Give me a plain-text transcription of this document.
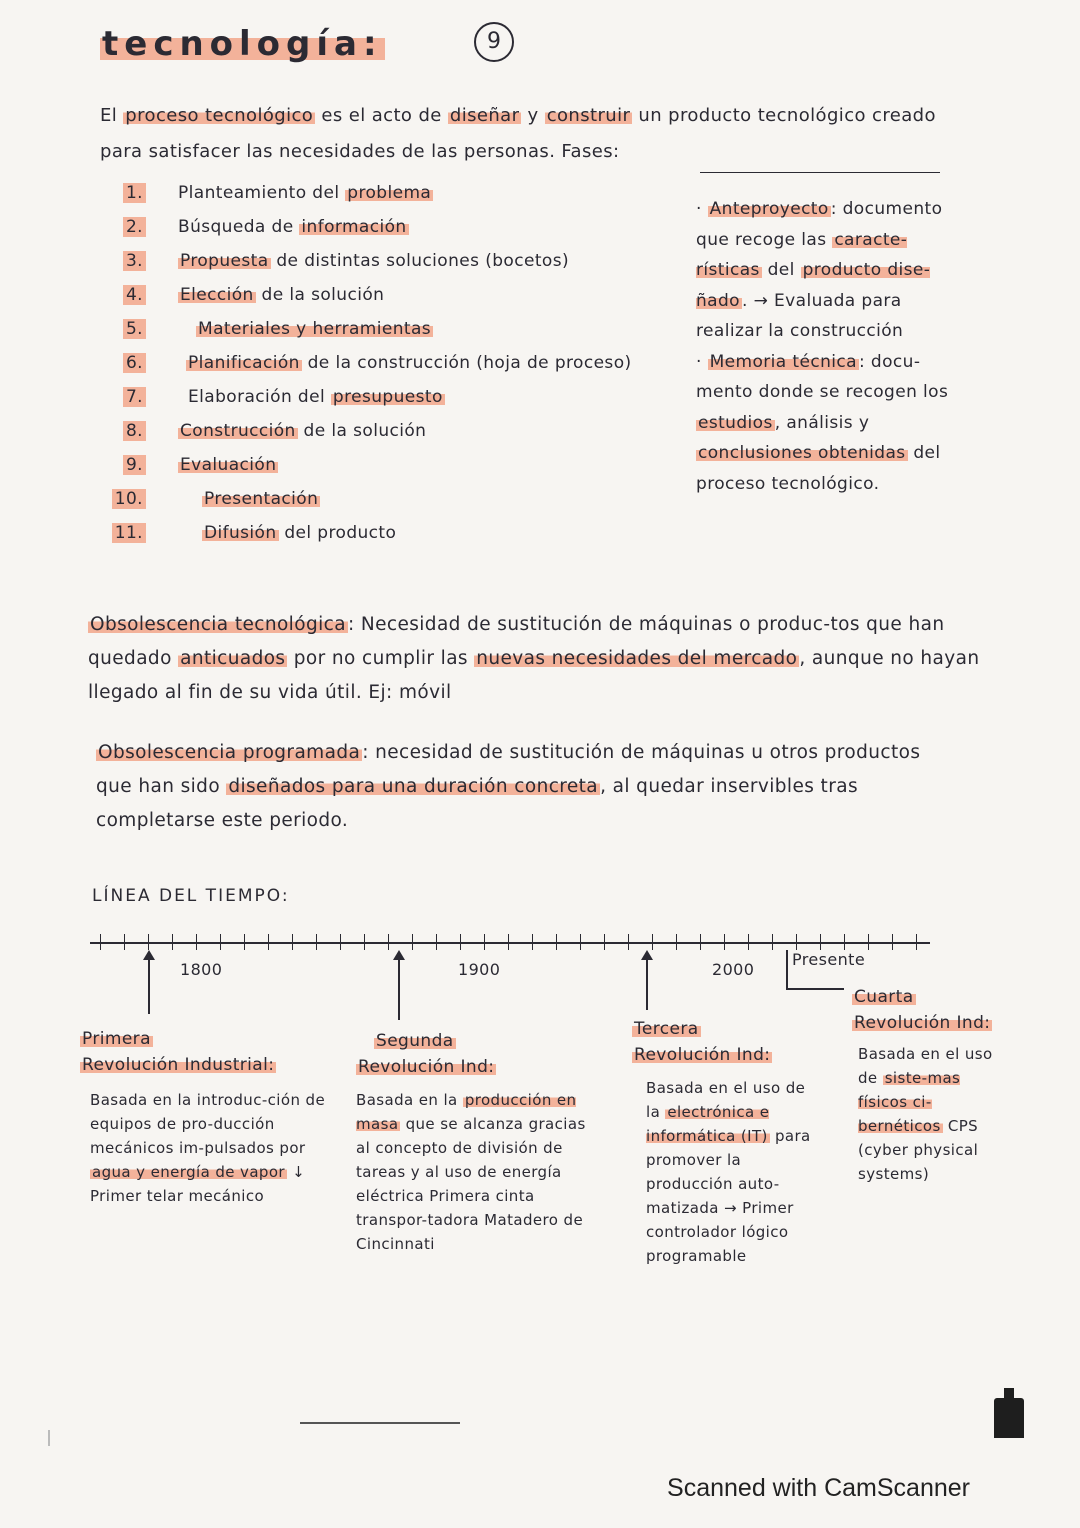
tecnología:	9
El proceso tecnológico es el acto de diseñar y construir un producto tecnológico creado para satisfacer las necesidades de las personas. Fases:
1. Planteamiento del problema
2. Búsqueda de información
3. Propuesta de distintas soluciones (bocetos)
4. Elección de la solución
5.	Materiales y herramientas
6.	Planificación de la construcción (hoja de proceso)
7.	Elaboración del presupuesto
8. Construcción de la solución
9. Evaluación
10.	Presentación
11.	Difusión del producto
· Anteproyecto : documento que recoge las caracte-rísticas del producto dise-ñado . → Evaluada para realizar la construcción
· Memoria técnica : docu-mento donde se recogen los estudios , análisis y conclusiones obtenidas del proceso tecnológico.
Obsolescencia tecnológica : Necesidad de sustitución de máquinas o produc-tos que han quedado anticuados por no cumplir las nuevas necesidades del mercado , aunque no hayan llegado al fin de su vida útil. Ej: móvil
Obsolescencia programada : necesidad de sustitución de máquinas u otros productos que han sido diseñados para una duración concreta , al quedar inservibles tras completarse este periodo.
LÍNEA DEL TIEMPO:
1800	1900	2000
Presente
Primera
Revolución Industrial:
Basada en la introduc-ción de equipos de pro-ducción mecánicos im-pulsados por agua y energía de vapor ↓ Primer telar mecánico
Segunda
Revolución Ind:
Basada en la producción en masa que se alcanza gracias al concepto de división de tareas y al uso de energía eléctrica Primera cinta transpor-tadora Matadero de Cincinnati
Tercera
Revolución Ind:
Basada en el uso de la electrónica e informática (IT) para promover la producción auto-matizada → Primer controlador lógico programable
Cuarta
Revolución Ind:
Basada en el uso de siste-mas físicos ci-bernéticos CPS (cyber physical systems)
Scanned with CamScanner
